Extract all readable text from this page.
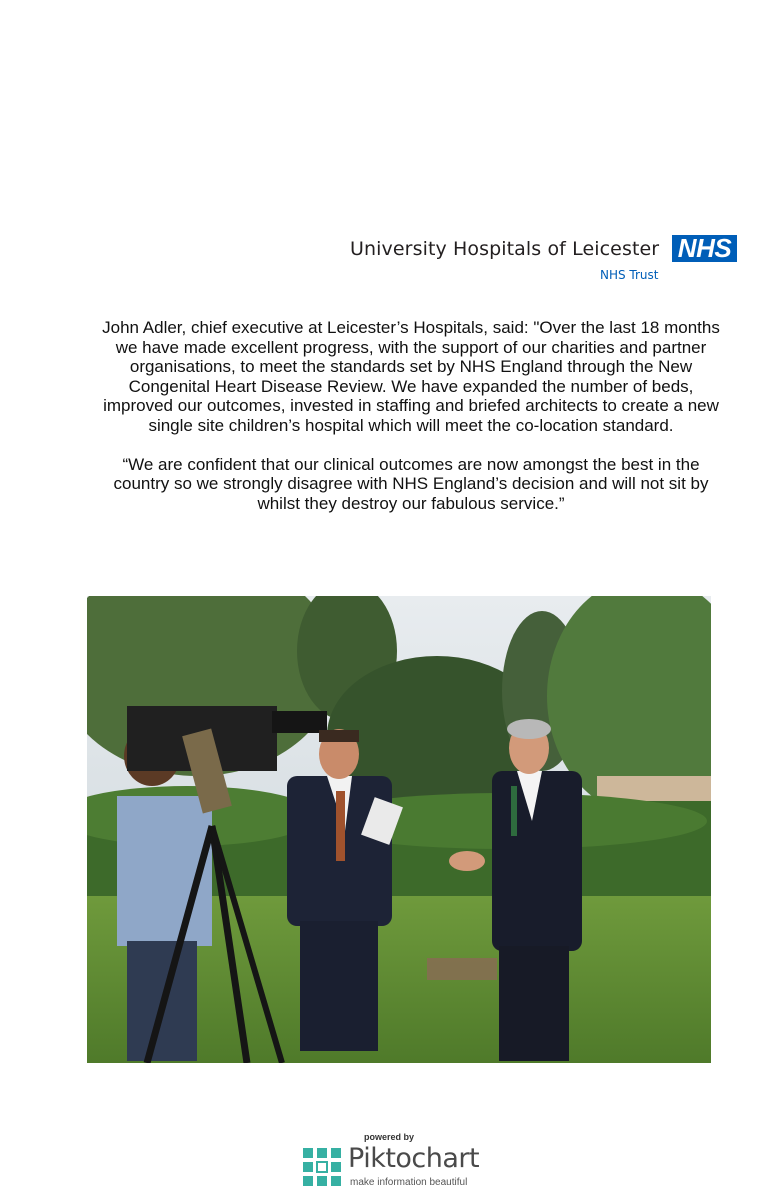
University Hospitals of Leicester NHS
NHS Trust

John Adler, chief executive at Leicester’s Hospitals, said: "Over the last 18 months we have made excellent progress, with the support of our charities and partner organisations, to meet the standards set by NHS England through the New Congenital Heart Disease Review. We have expanded the number of beds, improved our outcomes, invested in staffing and briefed architects to create a new single site children’s hospital which will meet the co-location standard.

“We are confident that our clinical outcomes are now amongst the best in the country so we strongly disagree with NHS England’s decision and will not sit by whilst they destroy our fabulous service.”

powered by
Piktochart
make information beautiful
